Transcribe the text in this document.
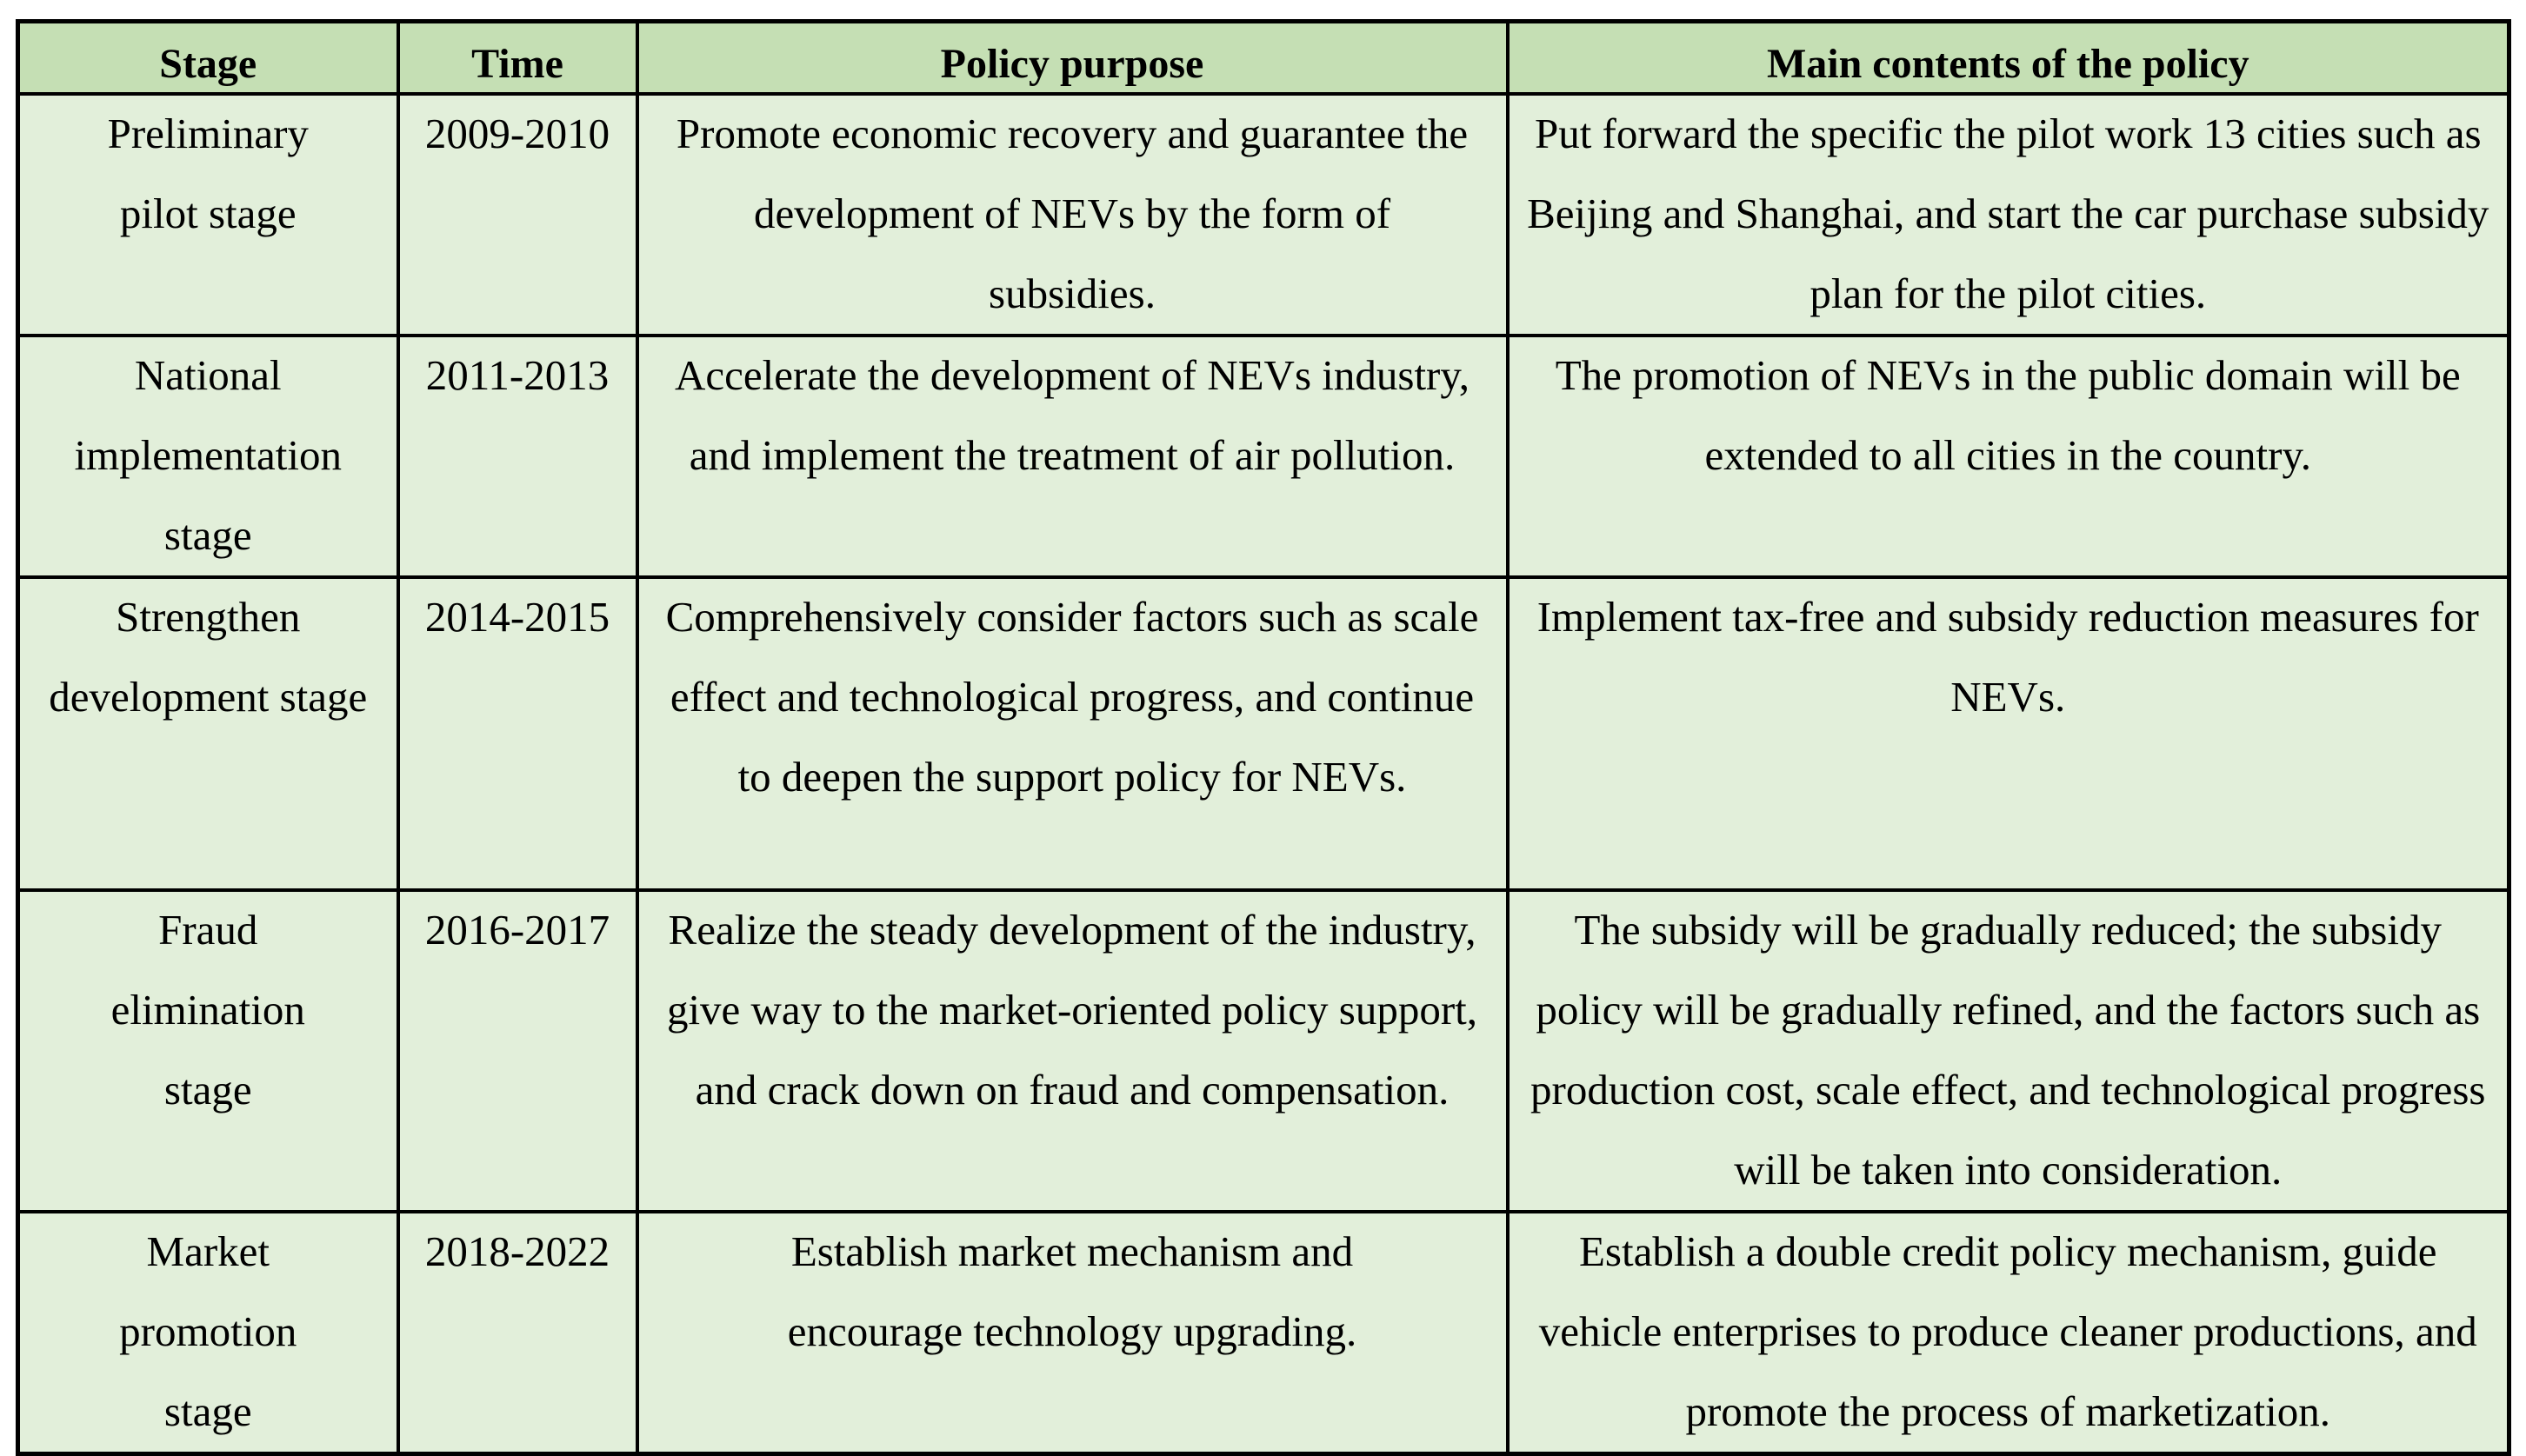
Stage	Time	Policy purpose	Main contents of the policy

Preliminary pilot stage	2009-2010	Promote economic recovery and guarantee the development of NEVs by the form of subsidies.	Put forward the specific the pilot work 13 cities such as Beijing and Shanghai, and start the car purchase subsidy plan for the pilot cities.

National implementation stage	2011-2013	Accelerate the development of NEVs industry, and implement the treatment of air pollution.	The promotion of NEVs in the public domain will be extended to all cities in the country.

Strengthen development stage	2014-2015	Comprehensively consider factors such as scale effect and technological progress, and continue to deepen the support policy for NEVs.	Implement tax-free and subsidy reduction measures for NEVs.

Fraud elimination stage	2016-2017	Realize the steady development of the industry, give way to the market-oriented policy support, and crack down on fraud and compensation.	The subsidy will be gradually reduced; the subsidy policy will be gradually refined, and the factors such as production cost, scale effect, and technological progress will be taken into consideration.

Market promotion stage	2018-2022	Establish market mechanism and encourage technology upgrading.	Establish a double credit policy mechanism, guide vehicle enterprises to produce cleaner productions, and promote the process of marketization.
